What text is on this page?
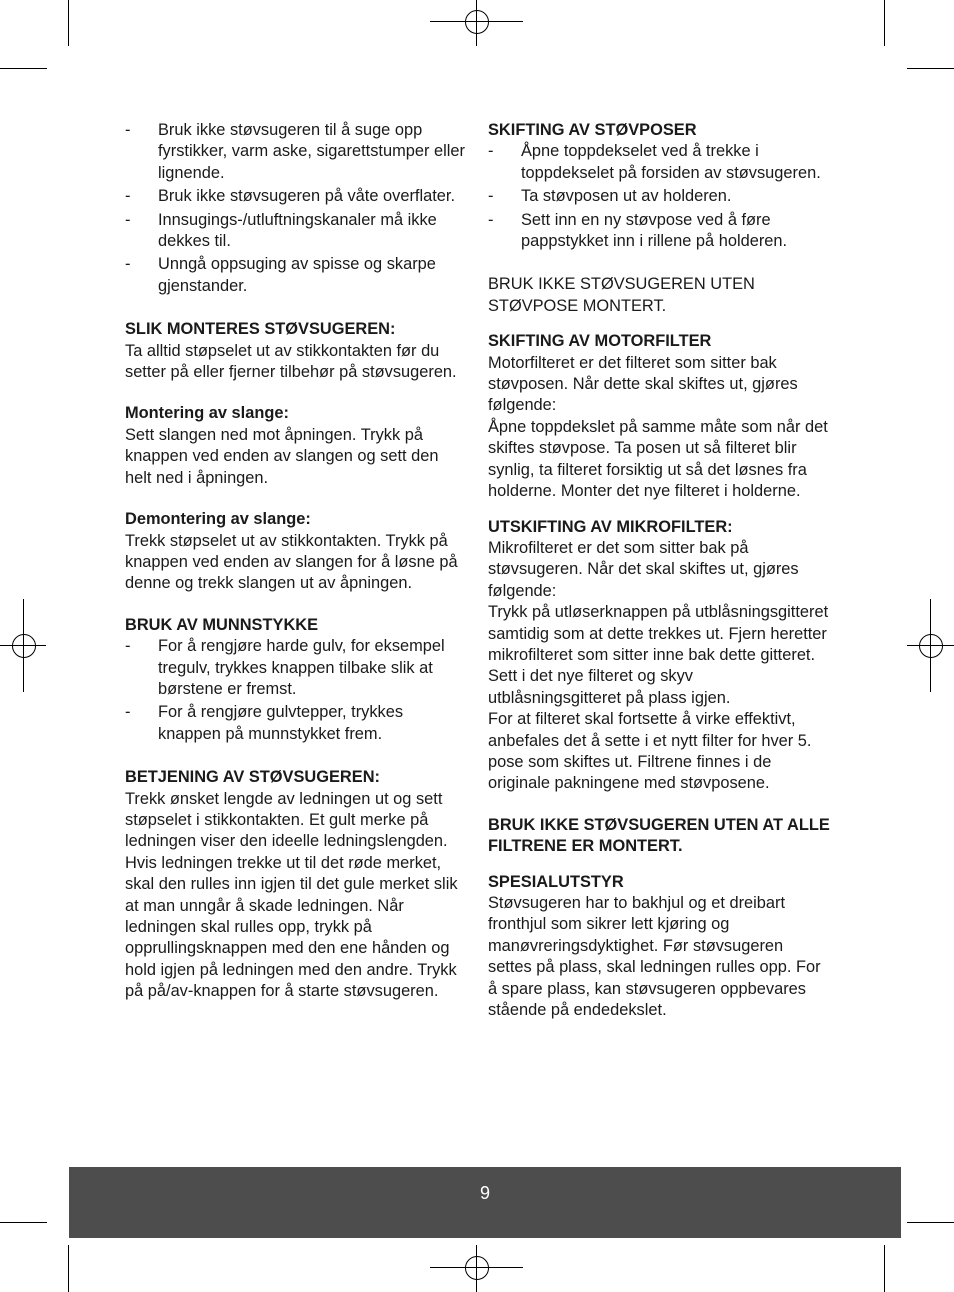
- Bruk ikke støvsugeren til å suge opp fyrstikker, varm aske, sigarettstumper eller lignende.
- Bruk ikke støvsugeren på våte overflater.
- Innsugings-/utluftningskanaler må ikke dekkes til.
- Unngå oppsuging av spisse og skarpe gjenstander.

SLIK MONTERES STØVSUGEREN:

Ta alltid støpselet ut av stikkontakten før du setter på eller fjerner tilbehør på støvsugeren.

Montering av slange:

Sett slangen ned mot åpningen. Trykk på knappen ved enden av slangen og sett den helt ned i åpningen.

Demontering av slange:

Trekk støpselet ut av stikkontakten. Trykk på knappen ved enden av slangen for å løsne på denne og trekk slangen ut av åpningen.

BRUK AV MUNNSTYKKE

- For å rengjøre harde gulv, for eksempel tregulv, trykkes knappen tilbake slik at børstene er fremst.
- For å rengjøre gulvtepper, trykkes knappen på munnstykket frem.

BETJENING AV STØVSUGEREN:

Trekk ønsket lengde av ledningen ut og sett støpselet i stikkontakten. Et gult merke på ledningen viser den ideelle ledningslengden. Hvis ledningen trekke ut til det røde merket, skal den rulles inn igjen til det gule merket slik at man unngår å skade ledningen. Når ledningen skal rulles opp, trykk på opprullingsknappen med den ene hånden og hold igjen på ledningen med den andre. Trykk på på/av-knappen for å starte støvsugeren.

SKIFTING AV STØVPOSER

- Åpne toppdekselet ved å trekke i toppdekselet på forsiden av støvsugeren.
- Ta støvposen ut av holderen.
- Sett inn en ny støvpose ved å føre pappstykket inn i rillene på holderen.

BRUK IKKE STØVSUGEREN UTEN STØVPOSE MONTERT.

SKIFTING AV MOTORFILTER

Motorfilteret er det filteret som sitter bak støvposen. Når dette skal skiftes ut, gjøres følgende:

Åpne toppdekslet på samme måte som når det skiftes støvpose. Ta posen ut så filteret blir synlig, ta filteret forsiktig ut så det løsnes fra holderne. Monter det nye filteret i holderne.

UTSKIFTING AV MIKROFILTER:

Mikrofilteret er det som sitter bak på støvsugeren. Når det skal skiftes ut, gjøres følgende:

Trykk på utløserknappen på utblåsningsgitteret samtidig som at dette trekkes ut. Fjern heretter mikrofilteret som sitter inne bak dette gitteret. Sett i det nye filteret og skyv utblåsningsgitteret på plass igjen.

For at filteret skal fortsette å virke effektivt, anbefales det å sette i et nytt filter for hver 5. pose som skiftes ut. Filtrene finnes i de originale pakningene med støvposene.

BRUK IKKE STØVSUGEREN UTEN AT ALLE FILTRENE ER MONTERT.

SPESIALUTSTYR

Støvsugeren har to bakhjul og et dreibart fronthjul som sikrer lett kjøring og manøvreringsdyktighet. Før støvsugeren settes på plass, skal ledningen rulles opp. For å spare plass, kan støvsugeren oppbevares stående på endedekslet.

9
